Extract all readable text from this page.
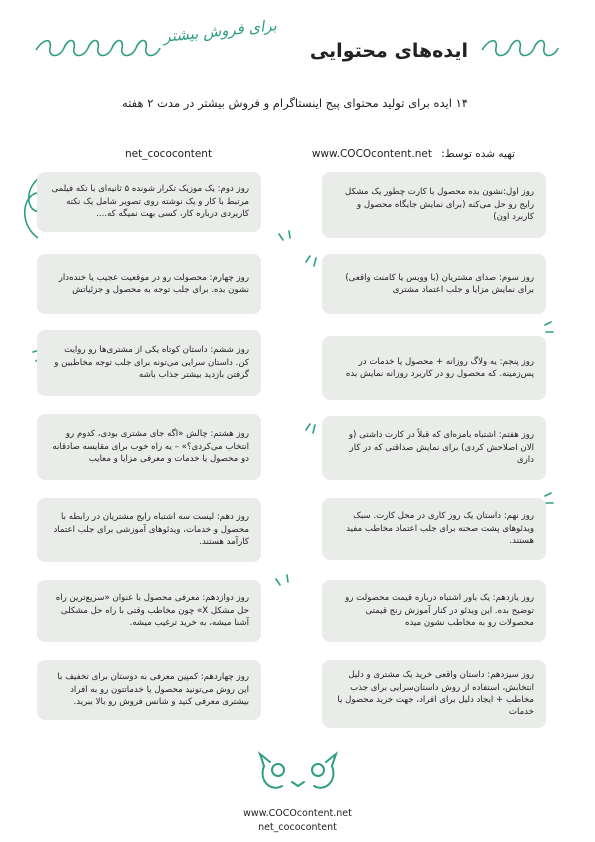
برای فروش بیشتر
ایده‌های محتوایی
۱۴ ایده برای تولید محتوای پیج اینستاگرام و فروش بیشتر در مدت ۲ هفته
تهیه شده توسط: www.COCOcontent.net
net_cococontent
روز اول:نشون بده محصول با کارت چطور یک مشکل رایج رو حل می‌کنه (برای نمایش جایگاه محصول و کاربرد اون)
روز دوم: یک موزیک تکرار شونده ۵ ثانیه‌ای با تکه فیلمی مرتبط با کار و یک نوشته روی تصویر شامل یک نکته کاربردی درباره کار، کسی بهت نمیگه که....
روز سوم: صدای مشتریان (با وویس یا کامنت واقعی) برای نمایش مزایا و جلب اعتماد مشتری
روز چهارم: محصولت رو در موقعیت عجیب یا خنده‌دار نشون بده. برای جلب توجه به محصول و جزئیاتش
روز پنجم: یه ولاگ روزانه + محصول یا خدمات در پس‌زمینه. که محصول رو در کاربرد روزانه نمایش بده
روز ششم: داستان کوتاه یکی از مشتری‌ها رو روایت کن. داستان سرایی می‌تونه برای جلب توجه مخاطبین و گرفتن بازدید بیشتر جذاب باشه
روز هفتم: اشتباه بامزه‌ای که قبلاً در کارت داشتی (و الان اصلاحش کردی) برای نمایش صداقتی که در کار داری
روز هشتم: چالش «اگه جای مشتری بودی، کدوم رو انتخاب می‌کردی؟» – یه راه خوب برای مقایسه صادقانه دو محصول یا خدمات و معرفی مزایا و معایب
روز نهم: داستان یک روز کاری در محل کارت. سبک ویدئوهای پشت صحنه برای جلب اعتماد مخاطب مفید هستند.
روز دهم: لیست سه اشتباه رایج مشتریان در رابطه با محصول و خدمات، ویدئوهای آموزشی برای جلب اعتماد کارآمد هستند.
روز یازدهم: یک باور اشتباه درباره قیمت محصولت رو توضیح بده. این ویدئو در کنار آموزش رنج قیمتی محصولات رو به مخاطب نشون میده
روز دوازدهم: معرفی محصول با عنوان «سریع‌ترین راه حل مشکل X» چون مخاطب وقتی با راه حل مشکلی آشنا میشه، به خرید ترغیب میشه.
روز سیزدهم: داستان واقعی خرید یک مشتری و دلیل انتخابش، استفاده از روش داستان‌سرایی برای جذب مخاطب + ایجاد دلیل برای افراد، جهت خرید محصول یا خدمات
روز چهاردهم: کمپین معرفی به دوستان برای تخفیف با این روش می‌تونید محصول یا خدماتتون رو به افراد بیشتری معرفی کنید و شانس فروش رو بالا ببرید.
www.COCOcontent.net
net_cococontent
